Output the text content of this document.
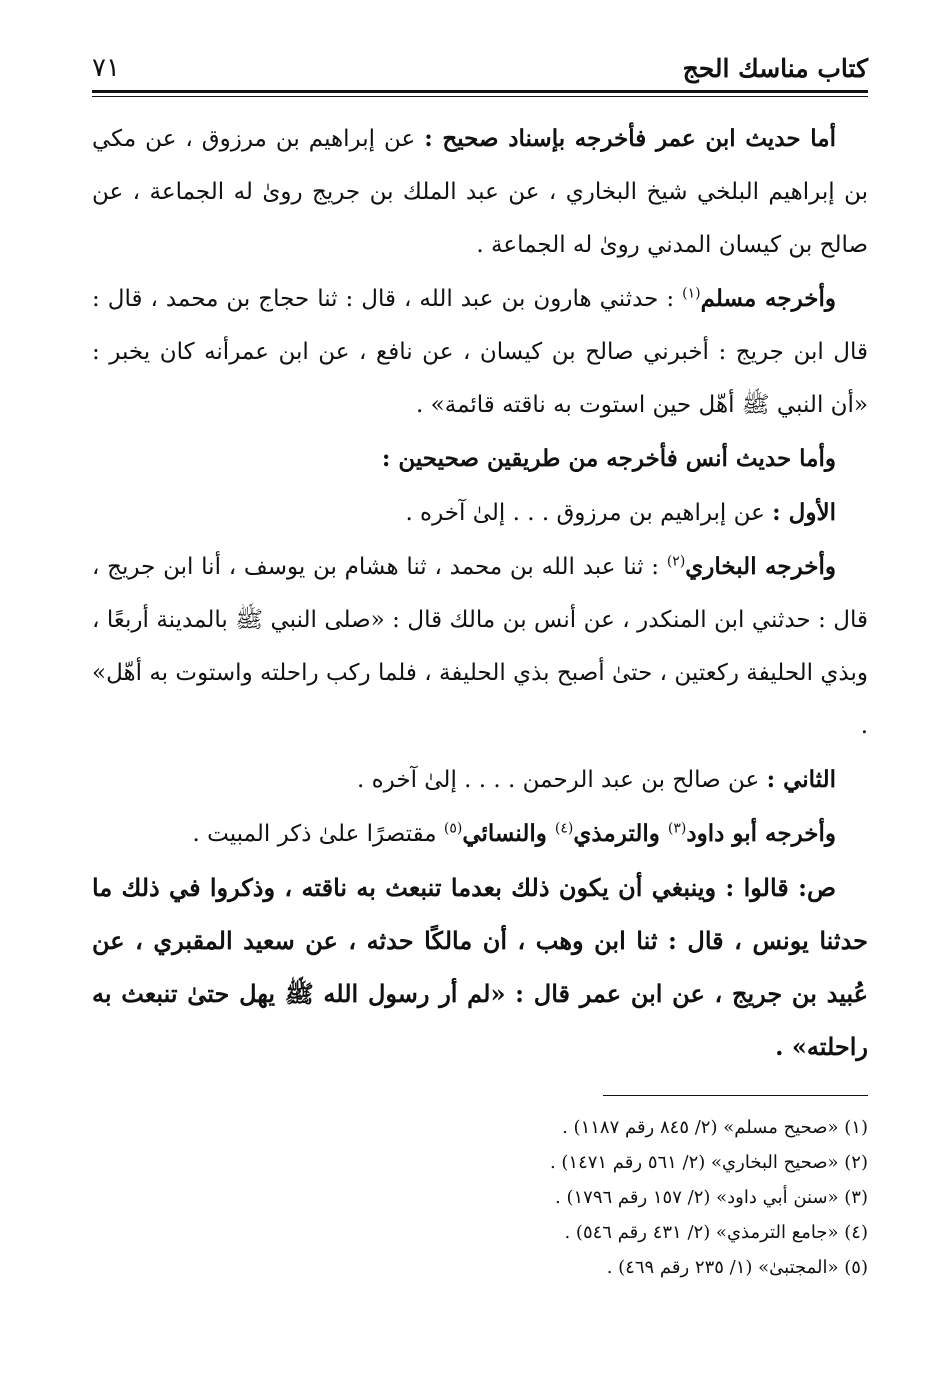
كتاب مناسك الحج
٧١

أما حديث ابن عمر فأخرجه بإسناد صحيح : عن إبراهيم بن مرزوق ، عن مكي بن إبراهيم البلخي شيخ البخاري ، عن عبد الملك بن جريج روىٰ له الجماعة ، عن صالح بن كيسان المدني روىٰ له الجماعة .

وأخرجه مسلم$^{(١)}$ : حدثني هارون بن عبد الله ، قال : ثنا حجاج بن محمد ، قال : قال ابن جريج : أخبرني صالح بن كيسان ، عن نافع ، عن ابن عمرأنه كان يخبر : «أن النبي ﷺ أهّل حين استوت به ناقته قائمة» .

وأما حديث أنس فأخرجه من طريقين صحيحين :

الأول : عن إبراهيم بن مرزوق . . . إلىٰ آخره .

وأخرجه البخاري$^{(٢)}$ : ثنا عبد الله بن محمد ، ثنا هشام بن يوسف ، أنا ابن جريج ، قال : حدثني ابن المنكدر ، عن أنس بن مالك قال : «صلى النبي ﷺ بالمدينة أربعًا ، وبذي الحليفة ركعتين ، حتىٰ أصبح بذي الحليفة ، فلما ركب راحلته واستوت به أهّل» .

الثاني : عن صالح بن عبد الرحمن . . . . إلىٰ آخره .

وأخرجه أبو داود$^{(٣)}$ والترمذي$^{(٤)}$ والنسائي$^{(٥)}$ مقتصرًا علىٰ ذكر المبيت .

ص: قالوا : وينبغي أن يكون ذلك بعدما تنبعث به ناقته ، وذكروا في ذلك ما حدثنا يونس ، قال : ثنا ابن وهب ، أن مالكًا حدثه ، عن سعيد المقبري ، عن عُبيد بن جريج ، عن ابن عمر قال : «لم أر رسول الله ﷺ يهل حتىٰ تنبعث به راحلته» .

(١) «صحيح مسلم» (٢/ ٨٤٥ رقم ١١٨٧) .

(٢) «صحيح البخاري» (٢/ ٥٦١ رقم ١٤٧١) .

(٣) «سنن أبي داود» (٢/ ١٥٧ رقم ١٧٩٦) .

(٤) «جامع الترمذي» (٢/ ٤٣١ رقم ٥٤٦) .

(٥) «المجتبىٰ» (١/ ٢٣٥ رقم ٤٦٩) .
